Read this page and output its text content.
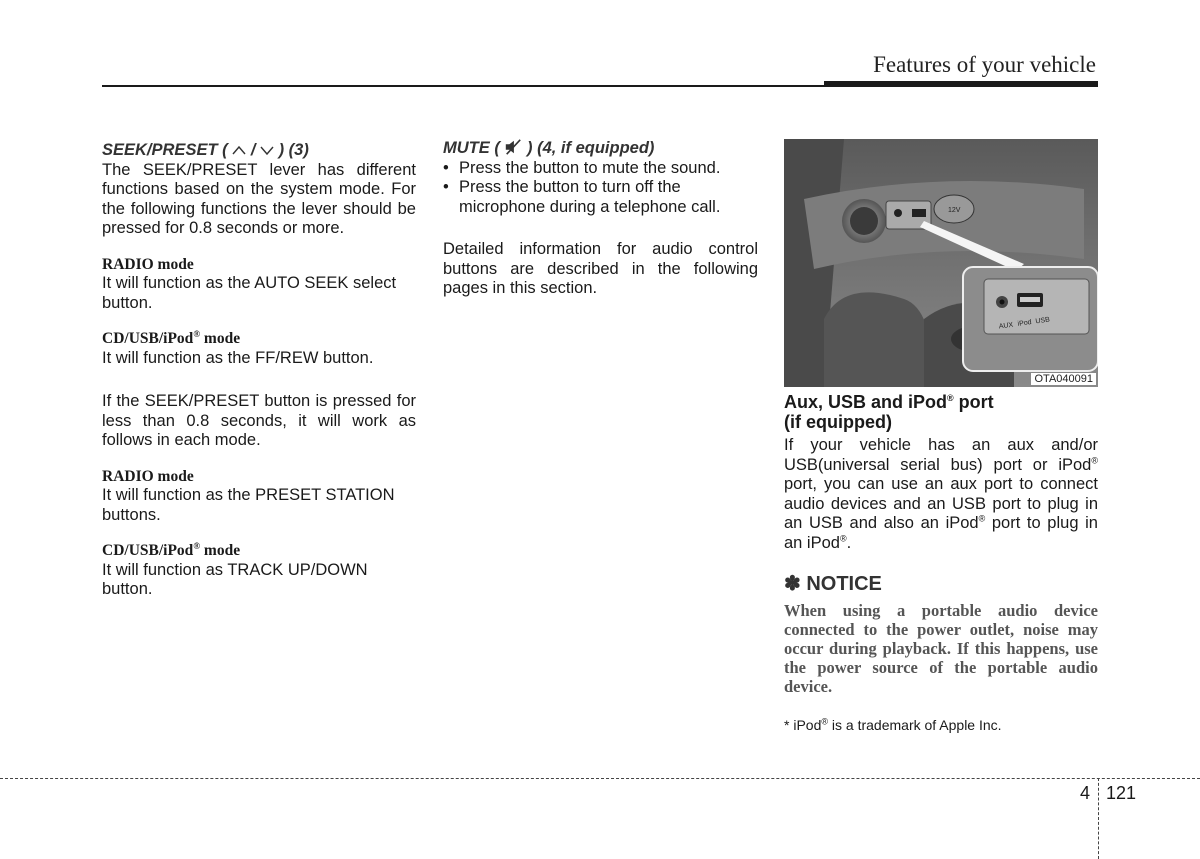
Features of your vehicle
SEEK/PRESET ( / ) (3)
The SEEK/PRESET lever has different functions based on the system mode. For the following functions the lever should be pressed for 0.8 seconds or more.
RADIO mode
It will function as the AUTO SEEK select button.
CD/USB/iPod® mode
It will function as the FF/REW button.
If the SEEK/PRESET button is pressed for less than 0.8 seconds, it will work as follows in each mode.
RADIO mode
It will function as the PRESET STATION buttons.
CD/USB/iPod® mode
It will function as TRACK UP/DOWN button.
MUTE ( ) (4, if equipped)
• Press the button to mute the sound.
• Press the button to turn off the microphone during a telephone call.
Detailed information for audio control buttons are described in the following pages in this section.
12V
AUX iPod USB
OTA040091
Aux, USB and iPod® port
(if equipped)
If your vehicle has an aux and/or USB(universal serial bus) port or iPod® port, you can use an aux port to connect audio devices and an USB port to plug in an USB and also an iPod® port to plug in an iPod®.
✽ NOTICE
When using a portable audio device connected to the power outlet, noise may occur during playback. If this happens, use the power source of the portable audio device.
* iPod® is a trademark of Apple Inc.
4 121
